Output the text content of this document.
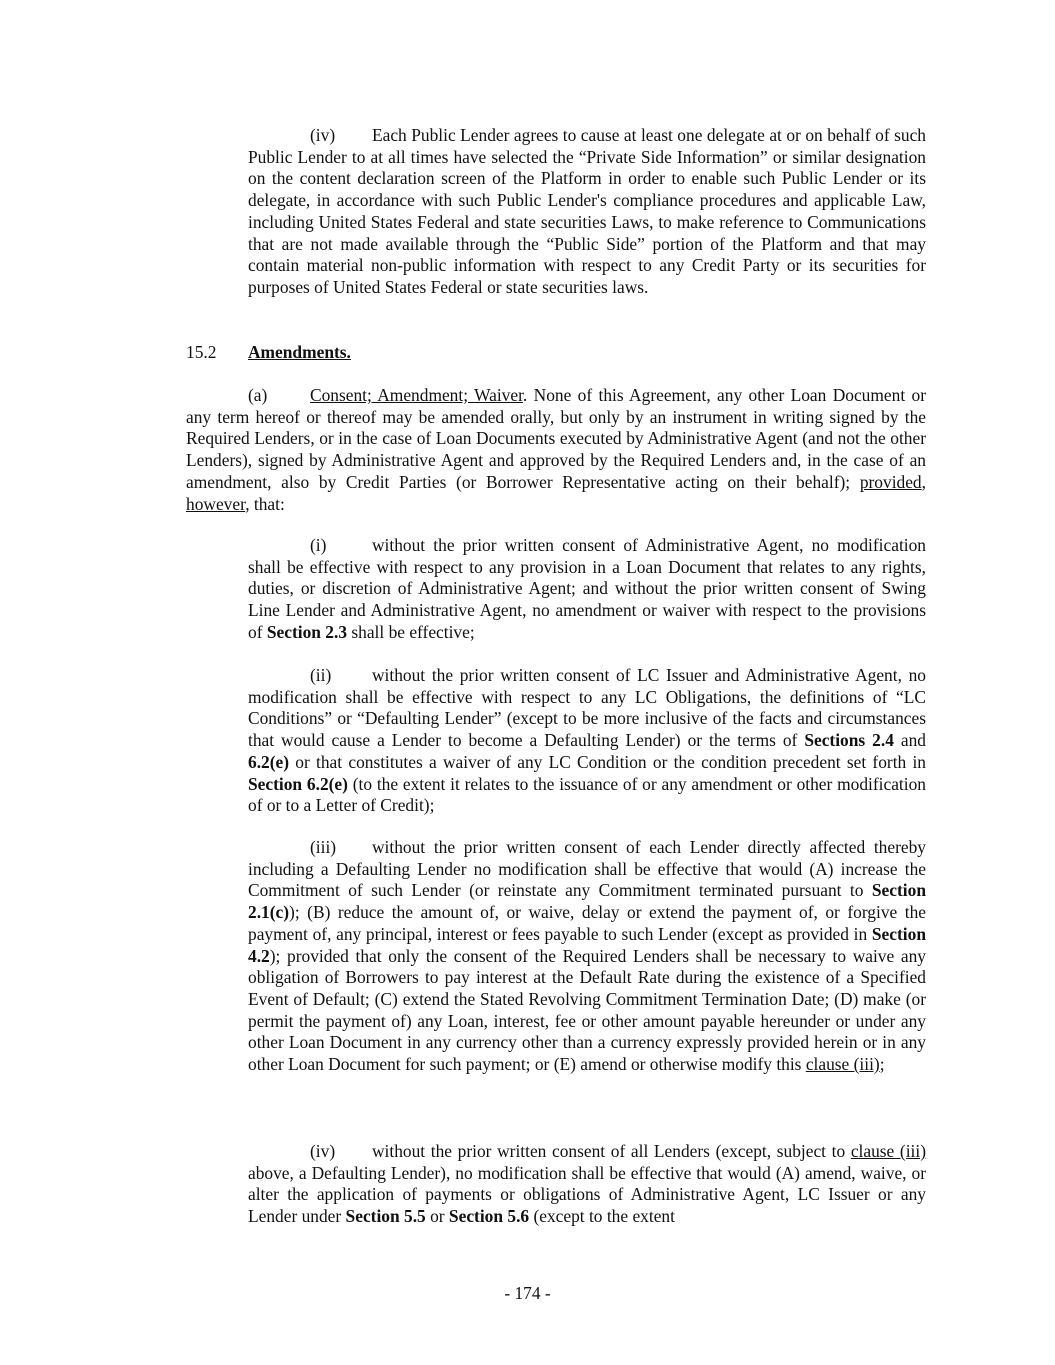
(iv) Each Public Lender agrees to cause at least one delegate at or on behalf of such Public Lender to at all times have selected the “Private Side Information” or similar designation on the content declaration screen of the Platform in order to enable such Public Lender or its delegate, in accordance with such Public Lender's compliance procedures and applicable Law, including United States Federal and state securities Laws, to make reference to Communications that are not made available through the “Public Side” portion of the Platform and that may contain material non-public information with respect to any Credit Party or its securities for purposes of United States Federal or state securities laws.

15.2 Amendments.

(a) Consent; Amendment; Waiver. None of this Agreement, any other Loan Document or any term hereof or thereof may be amended orally, but only by an instrument in writing signed by the Required Lenders, or in the case of Loan Documents executed by Administrative Agent (and not the other Lenders), signed by Administrative Agent and approved by the Required Lenders and, in the case of an amendment, also by Credit Parties (or Borrower Representative acting on their behalf); provided, however, that:

(i)	without the prior written consent of Administrative Agent, no modification shall be effective with respect to any provision in a Loan Document that relates to any rights, duties, or discretion of Administrative Agent; and without the prior written consent of Swing Line Lender and Administrative Agent, no amendment or waiver with respect to the provisions of Section 2.3 shall be effective;

(ii) without the prior written consent of LC Issuer and Administrative Agent, no modification shall be effective with respect to any LC Obligations, the definitions of “LC Conditions” or “Defaulting Lender” (except to be more inclusive of the facts and circumstances that would cause a Lender to become a Defaulting Lender) or the terms of Sections 2.4 and 6.2(e) or that constitutes a waiver of any LC Condition or the condition precedent set forth in Section 6.2(e) (to the extent it relates to the issuance of or any amendment or other modification of or to a Letter of Credit);

(iii) without the prior written consent of each Lender directly affected thereby including a Defaulting Lender no modification shall be effective that would (A) increase the Commitment of such Lender (or reinstate any Commitment terminated pursuant to Section 2.1(c)); (B) reduce the amount of, or waive, delay or extend the payment of, or forgive the payment of, any principal, interest or fees payable to such Lender (except as provided in Section 4.2); provided that only the consent of the Required Lenders shall be necessary to waive any obligation of Borrowers to pay interest at the Default Rate during the existence of a Specified Event of Default; (C) extend the Stated Revolving Commitment Termination Date; (D) make (or permit the payment of) any Loan, interest, fee or other amount payable hereunder or under any other Loan Document in any currency other than a currency expressly provided herein or in any other Loan Document for such payment; or (E) amend or otherwise modify this clause (iii);

(iv) without the prior written consent of all Lenders (except, subject to clause (iii) above, a Defaulting Lender), no modification shall be effective that would (A) amend, waive, or alter the application of payments or obligations of Administrative Agent, LC Issuer or any Lender under Section 5.5 or Section 5.6 (except to the extent

- 174 -
